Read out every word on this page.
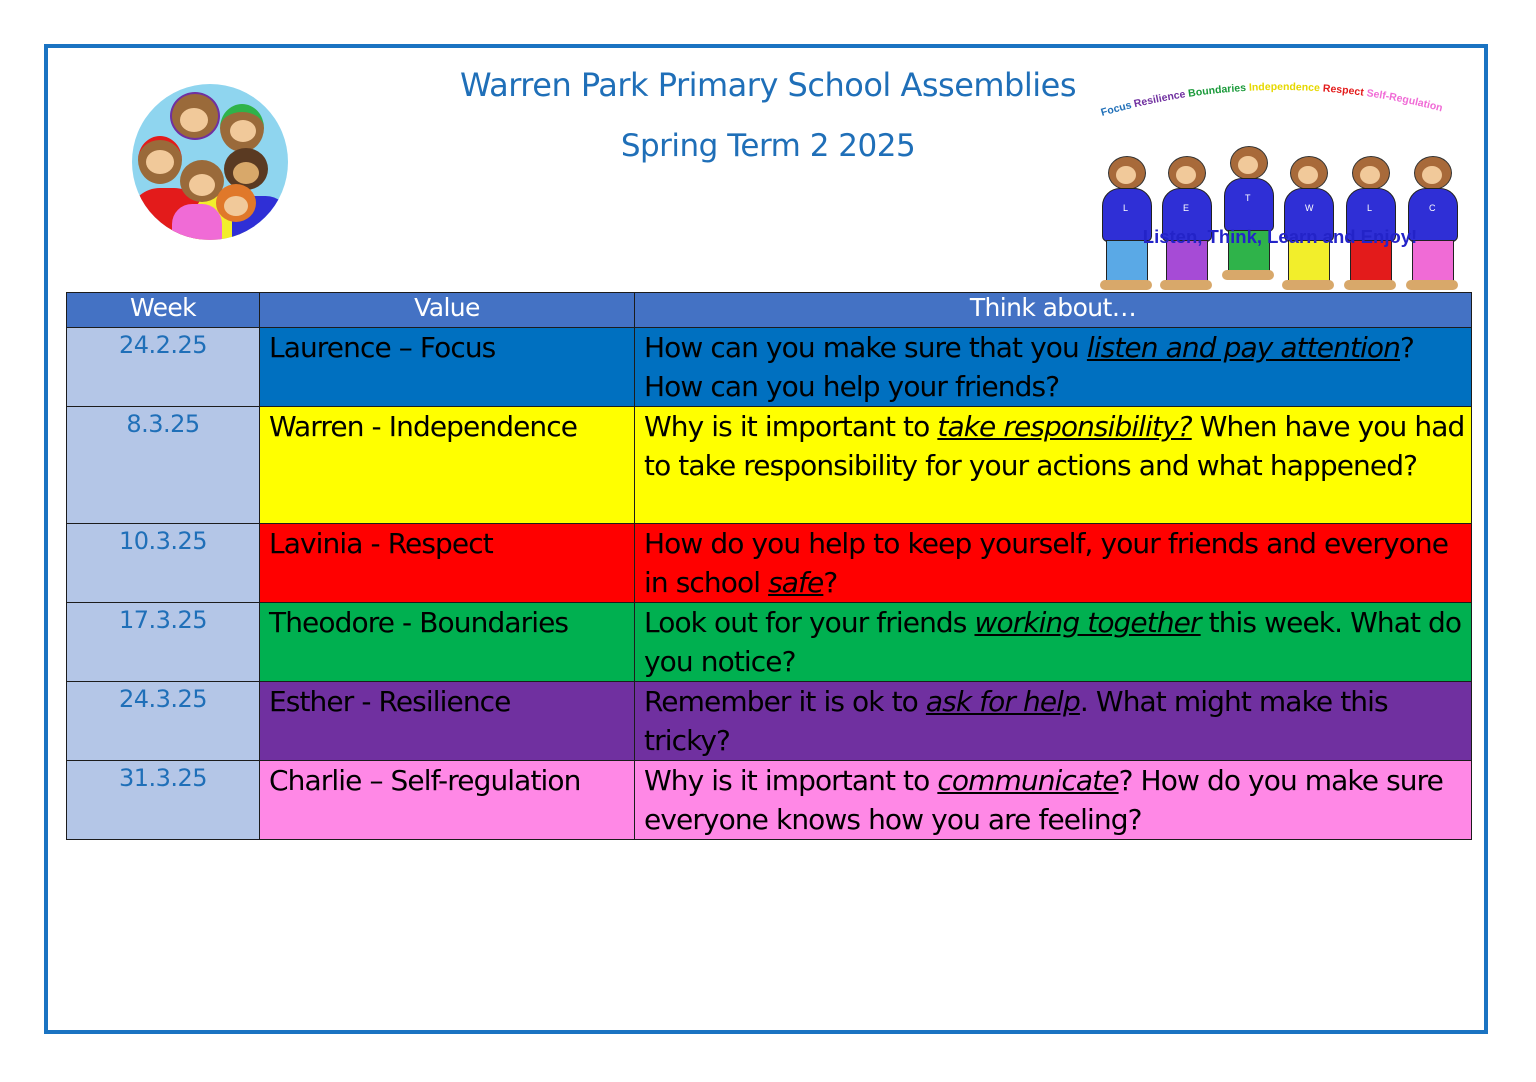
Warren Park Primary School Assemblies
Spring Term 2 2025
Focus Resilience Boundaries Independence Respect Self-Regulation
L	E
T
W	L	C
Listen, Think, Learn and Enjoy!
Week	Value	Think about…
24.2.25	Laurence – Focus	How can you make sure that you listen and pay attention? How can you help your friends?
8.3.25	Warren - Independence	Why is it important to take responsibility? When have you had to take responsibility for your actions and what happened?
10.3.25	Lavinia - Respect	How do you help to keep yourself, your friends and everyone in school safe?
17.3.25	Theodore - Boundaries	Look out for your friends working together this week. What do you notice?
24.3.25	Esther - Resilience	Remember it is ok to ask for help. What might make this tricky?
31.3.25	Charlie – Self-regulation	Why is it important to communicate? How do you make sure everyone knows how you are feeling?
